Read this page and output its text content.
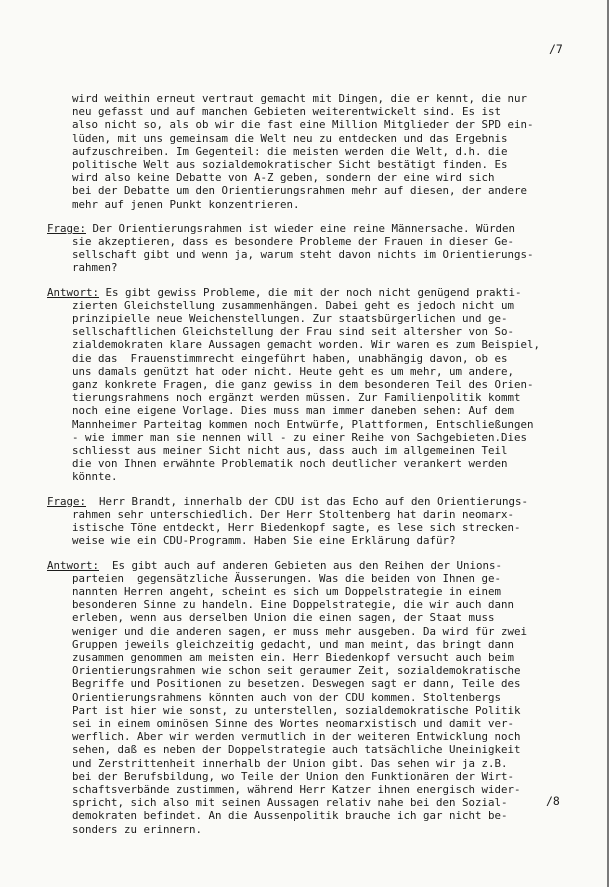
/7
wird weithin erneut vertraut gemacht mit Dingen, die er kennt, die nur
neu gefasst und auf manchen Gebieten weiterentwickelt sind. Es ist
also nicht so, als ob wir die fast eine Million Mitglieder der SPD ein-
lüden, mit uns gemeinsam die Welt neu zu entdecken und das Ergebnis
aufzuschreiben. Im Gegenteil: die meisten werden die Welt, d.h. die
politische Welt aus sozialdemokratischer Sicht bestätigt finden. Es
wird also keine Debatte von A-Z geben, sondern der eine wird sich
bei der Debatte um den Orientierungsrahmen mehr auf diesen, der andere
mehr auf jenen Punkt konzentrieren.
Frage: Der Orientierungsrahmen ist wieder eine reine Männersache. Würden
sie akzeptieren, dass es besondere Probleme der Frauen in dieser Ge-
sellschaft gibt und wenn ja, warum steht davon nichts im Orientierungs-
rahmen?
Antwort: Es gibt gewiss Probleme, die mit der noch nicht genügend prakti-
zierten Gleichstellung zusammenhängen. Dabei geht es jedoch nicht um
prinzipielle neue Weichenstellungen. Zur staatsbürgerlichen und ge-
sellschaftlichen Gleichstellung der Frau sind seit altersher von So-
zialdemokraten klare Aussagen gemacht worden. Wir waren es zum Beispiel,
die das  Frauenstimmrecht eingeführt haben, unabhängig davon, ob es
uns damals genützt hat oder nicht. Heute geht es um mehr, um andere,
ganz konkrete Fragen, die ganz gewiss in dem besonderen Teil des Orien-
tierungsrahmens noch ergänzt werden müssen. Zur Familienpolitik kommt
noch eine eigene Vorlage. Dies muss man immer daneben sehen: Auf dem
Mannheimer Parteitag kommen noch Entwürfe, Plattformen, Entschließungen
- wie immer man sie nennen will - zu einer Reihe von Sachgebieten.Dies
schliesst aus meiner Sicht nicht aus, dass auch im allgemeinen Teil
die von Ihnen erwähnte Problematik noch deutlicher verankert werden
könnte.
Frage:  Herr Brandt, innerhalb der CDU ist das Echo auf den Orientierungs-
rahmen sehr unterschiedlich. Der Herr Stoltenberg hat darin neomarx-
istische Töne entdeckt, Herr Biedenkopf sagte, es lese sich strecken-
weise wie ein CDU-Programm. Haben Sie eine Erklärung dafür?
Antwort:  Es gibt auch auf anderen Gebieten aus den Reihen der Unions-
parteien  gegensätzliche Äusserungen. Was die beiden von Ihnen ge-
nannten Herren angeht, scheint es sich um Doppelstrategie in einem
besonderen Sinne zu handeln. Eine Doppelstrategie, die wir auch dann
erleben, wenn aus derselben Union die einen sagen, der Staat muss
weniger und die anderen sagen, er muss mehr ausgeben. Da wird für zwei
Gruppen jeweils gleichzeitig gedacht, und man meint, das bringt dann
zusammen genommen am meisten ein. Herr Biedenkopf versucht auch beim
Orientierungsrahmen wie schon seit geraumer Zeit, sozialdemokratische
Begriffe und Positionen zu besetzen. Deswegen sagt er dann, Teile des
Orientierungsrahmens könnten auch von der CDU kommen. Stoltenbergs
Part ist hier wie sonst, zu unterstellen, sozialdemokratische Politik
sei in einem ominösen Sinne des Wortes neomarxistisch und damit ver-
werflich. Aber wir werden vermutlich in der weiteren Entwicklung noch
sehen, daß es neben der Doppelstrategie auch tatsächliche Uneinigkeit
und Zerstrittenheit innerhalb der Union gibt. Das sehen wir ja z.B.
bei der Berufsbildung, wo Teile der Union den Funktionären der Wirt-
schaftsverbände zustimmen, während Herr Katzer ihnen energisch wider-
spricht, sich also mit seinen Aussagen relativ nahe bei den Sozial-
demokraten befindet. An die Aussenpolitik brauche ich gar nicht be-
sonders zu erinnern.
/8
